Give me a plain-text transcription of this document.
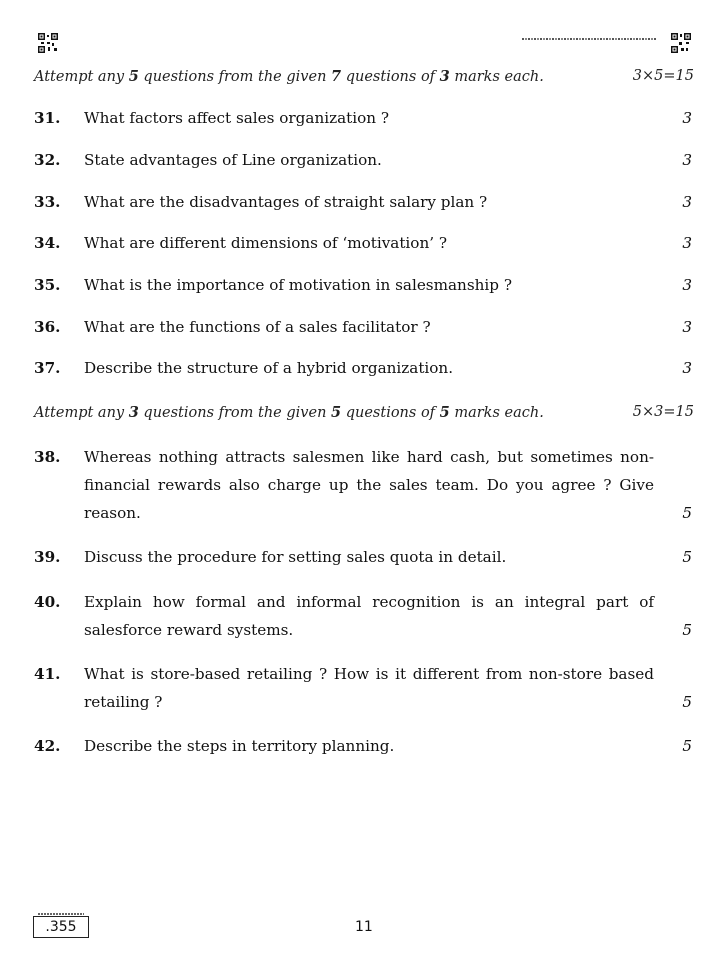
Attempt any 5 questions from the given 7 questions of 3 marks each.	3×5=15
31. What factors affect sales organization ?	3
32. State advantages of Line organization.	3
33. What are the disadvantages of straight salary plan ?	3
34. What are different dimensions of ‘motivation’ ?	3
35. What is the importance of motivation in salesmanship ?	3
36. What are the functions of a sales facilitator ?	3
37. Describe the structure of a hybrid organization.	3
Attempt any 3 questions from the given 5 questions of 5 marks each.	5×3=15
38. Whereas nothing attracts salesmen like hard cash, but sometimes non-financial rewards also charge up the sales team. Do you agree ? Give reason.	5
39. Discuss the procedure for setting sales quota in detail.	5
40. Explain how formal and informal recognition is an integral part of salesforce reward systems.	5
41. What is store-based retailing ? How is it different from non-store based retailing ?	5
42. Describe the steps in territory planning.	5
.355	11
